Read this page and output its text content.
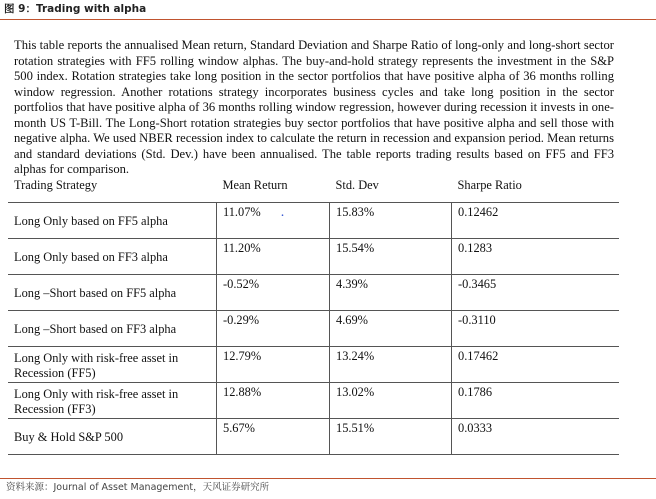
图 9：Trading with alpha
This table reports the annualised Mean return, Standard Deviation and Sharpe Ratio of long-only and long-short sector rotation strategies with FF5 rolling window alphas. The buy-and-hold strategy represents the investment in the S&P 500 index. Rotation strategies take long position in the sector portfolios that have positive alpha of 36 months rolling window regression. Another rotations strategy incorporates business cycles and take long position in the sector portfolios that have positive alpha of 36 months rolling window regression, however during recession it invests in one-month US T-Bill. The Long-Short rotation strategies buy sector portfolios that have positive alpha and sell those with negative alpha. We used NBER recession index to calculate the return in recession and expansion period. Mean returns and standard deviations (Std. Dev.) have been annualised. The table reports trading results based on FF5 and FF3 alphas for comparison.
Trading Strategy	Mean Return	Std. Dev	Sharpe Ratio
Long Only based on FF5 alpha	11.07% .	15.83%	0.12462
Long Only based on FF3 alpha	11.20%	15.54%	0.1283
Long –Short based on FF5 alpha	-0.52%	4.39%	-0.3465
Long –Short based on FF3 alpha	-0.29%	4.69%	-0.3110
Long Only with risk-free asset in Recession (FF5)	12.79%	13.24%	0.17462
Long Only with risk-free asset in Recession (FF3)	12.88%	13.02%	0.1786
Buy & Hold S&P 500	5.67%	15.51%	0.0333
资料来源：Journal of Asset Management，天风证券研究所
